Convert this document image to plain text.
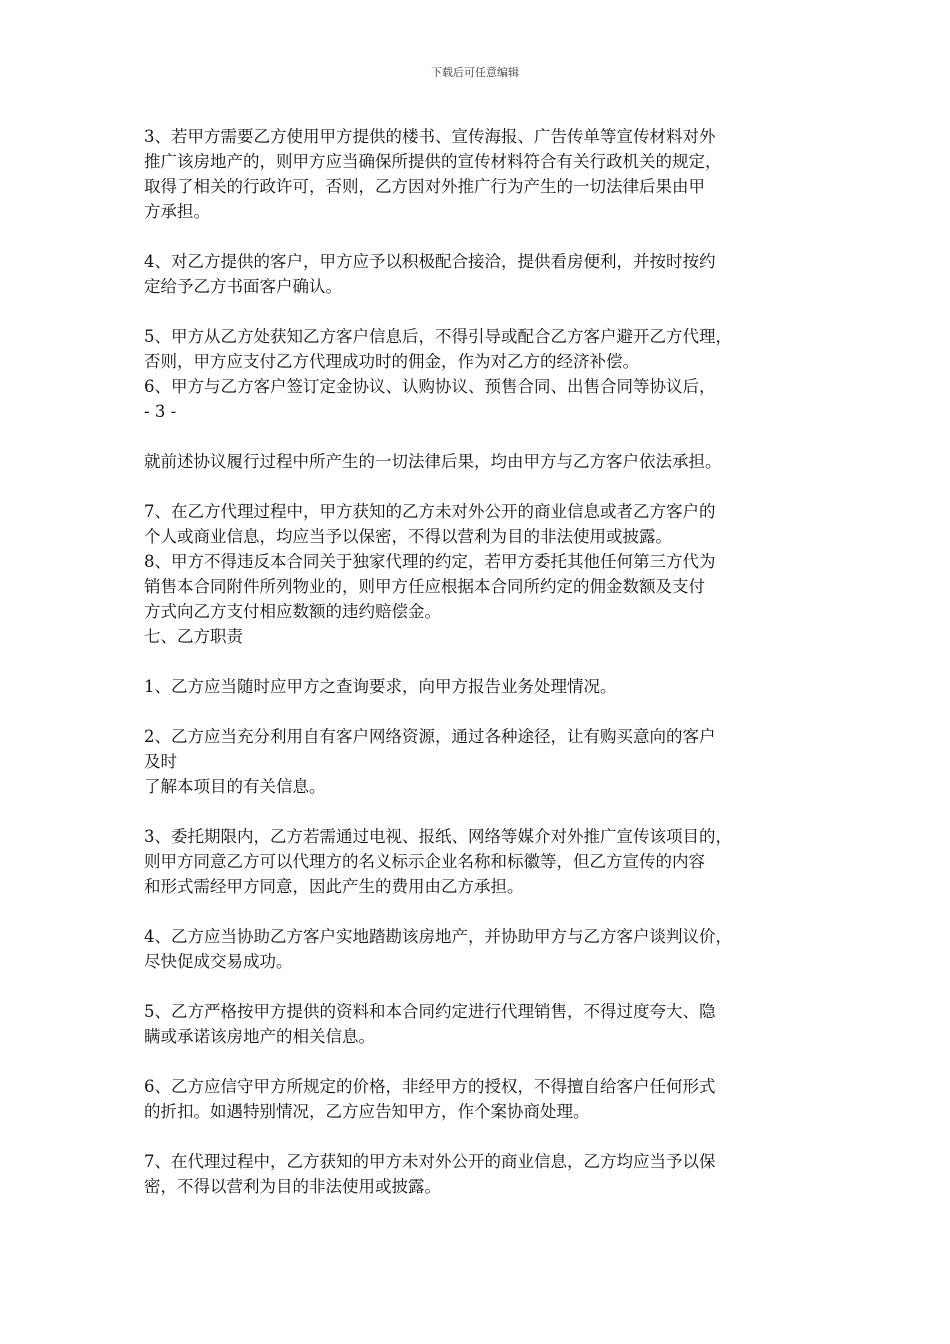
下载后可任意编辑

3、若甲方需要乙方使用甲方提供的楼书、宣传海报、广告传单等宣传材料对外
推广该房地产的，则甲方应当确保所提供的宣传材料符合有关行政机关的规定，
取得了相关的行政许可，否则，乙方因对外推广行为产生的一切法律后果由甲
方承担。

4、对乙方提供的客户，甲方应予以积极配合接洽，提供看房便利，并按时按约
定给予乙方书面客户确认。

5、甲方从乙方处获知乙方客户信息后，不得引导或配合乙方客户避开乙方代理，
否则，甲方应支付乙方代理成功时的佣金，作为对乙方的经济补偿。

6、甲方与乙方客户签订定金协议、认购协议、预售合同、出售合同等协议后，

- 3 -

就前述协议履行过程中所产生的一切法律后果，均由甲方与乙方客户依法承担。

7、在乙方代理过程中，甲方获知的乙方未对外公开的商业信息或者乙方客户的
个人或商业信息，均应当予以保密，不得以营利为目的非法使用或披露。

8、甲方不得违反本合同关于独家代理的约定，若甲方委托其他任何第三方代为
销售本合同附件所列物业的，则甲方任应根据本合同所约定的佣金数额及支付
方式向乙方支付相应数额的违约赔偿金。

七、乙方职责

1、乙方应当随时应甲方之查询要求，向甲方报告业务处理情况。

2、乙方应当充分利用自有客户网络资源，通过各种途径，让有购买意向的客户
及时
了解本项目的有关信息。

3、委托期限内，乙方若需通过电视、报纸、网络等媒介对外推广宣传该项目的，
则甲方同意乙方可以代理方的名义标示企业名称和标徽等，但乙方宣传的内容
和形式需经甲方同意，因此产生的费用由乙方承担。

4、乙方应当协助乙方客户实地踏勘该房地产，并协助甲方与乙方客户谈判议价，
尽快促成交易成功。

5、乙方严格按甲方提供的资料和本合同约定进行代理销售，不得过度夸大、隐
瞒或承诺该房地产的相关信息。

6、乙方应信守甲方所规定的价格，非经甲方的授权，不得擅自给客户任何形式
的折扣。如遇特别情况，乙方应告知甲方，作个案协商处理。

7、在代理过程中，乙方获知的甲方未对外公开的商业信息，乙方均应当予以保
密，不得以营利为目的非法使用或披露。
